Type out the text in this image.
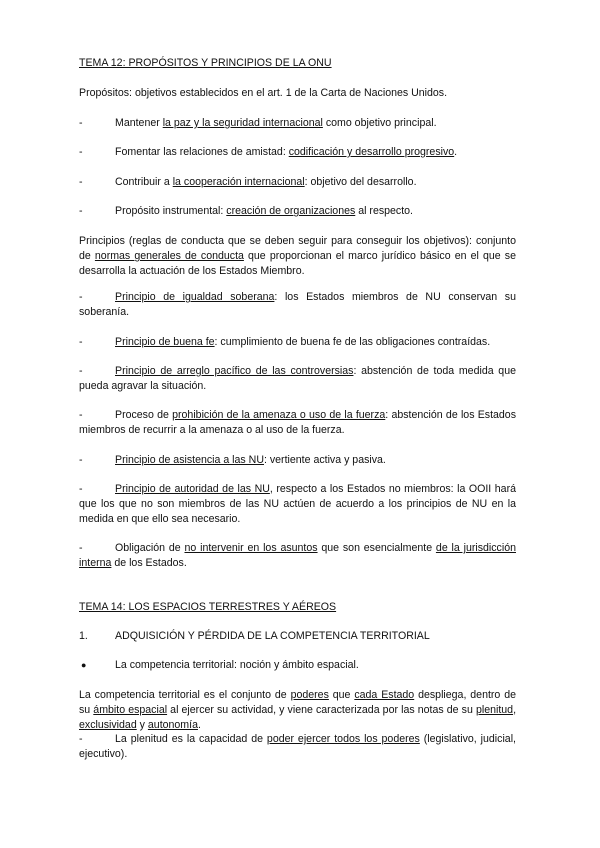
TEMA 12: PROPÓSITOS Y PRINCIPIOS DE LA ONU
Propósitos: objetivos establecidos en el art. 1 de la Carta de Naciones Unidos.
-	Mantener la paz y la seguridad internacional como objetivo principal.
-	Fomentar las relaciones de amistad: codificación y desarrollo progresivo.
-	Contribuir a la cooperación internacional: objetivo del desarrollo.
-	Propósito instrumental: creación de organizaciones al respecto.
Principios (reglas de conducta que se deben seguir para conseguir los objetivos): conjunto de normas generales de conducta que proporcionan el marco jurídico básico en el que se desarrolla la actuación de los Estados Miembro.
-	Principio de igualdad soberana: los Estados miembros de NU conservan su soberanía.
-	Principio de buena fe: cumplimiento de buena fe de las obligaciones contraídas.
-	Principio de arreglo pacífico de las controversias: abstención de toda medida que pueda agravar la situación.
-	Proceso de prohibición de la amenaza o uso de la fuerza: abstención de los Estados miembros de recurrir a la amenaza o al uso de la fuerza.
-	Principio de asistencia a las NU: vertiente activa y pasiva.
-	Principio de autoridad de las NU, respecto a los Estados no miembros: la OOII hará que los que no son miembros de las NU actúen de acuerdo a los principios de NU en la medida en que ello sea necesario.
-	Obligación de no intervenir en los asuntos que son esencialmente de la jurisdicción interna de los Estados.
TEMA 14: LOS ESPACIOS TERRESTRES Y AÉREOS
1.	ADQUISICIÓN Y PÉRDIDA DE LA COMPETENCIA TERRITORIAL
●	La competencia territorial: noción y ámbito espacial.
La competencia territorial es el conjunto de poderes que cada Estado despliega, dentro de su ámbito espacial al ejercer su actividad, y viene caracterizada por las notas de su plenitud, exclusividad y autonomía.
-	La plenitud es la capacidad de poder ejercer todos los poderes (legislativo, judicial, ejecutivo).
